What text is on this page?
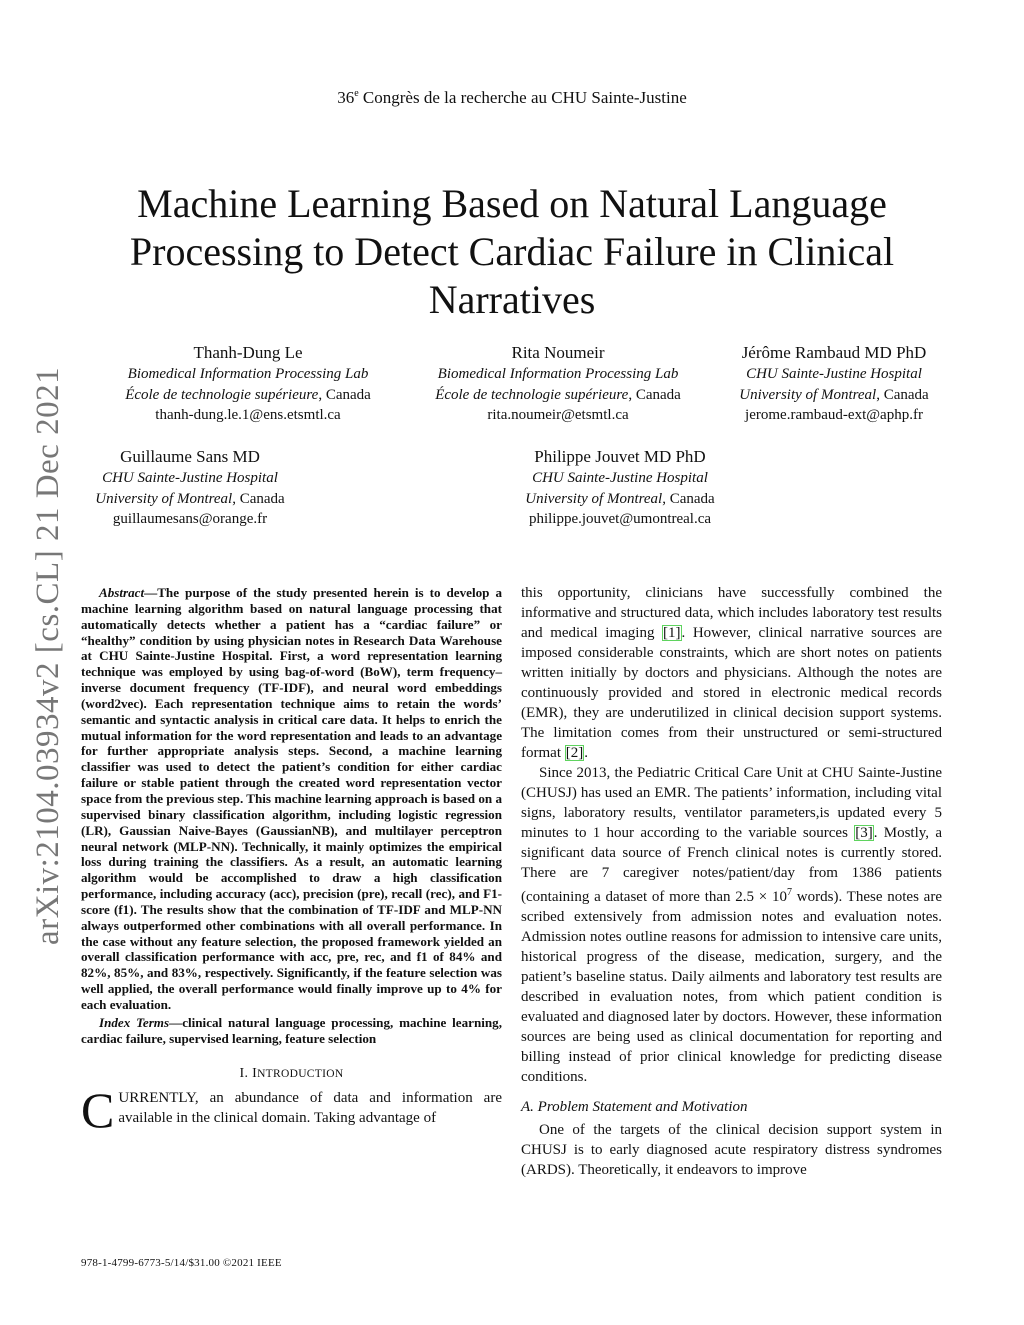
36e Congrès de la recherche au CHU Sainte-Justine
Machine Learning Based on Natural Language Processing to Detect Cardiac Failure in Clinical Narratives
Thanh-Dung Le
Biomedical Information Processing Lab
École de technologie supérieure, Canada
thanh-dung.le.1@ens.etsmtl.ca
Rita Noumeir
Biomedical Information Processing Lab
École de technologie supérieure, Canada
rita.noumeir@etsmtl.ca
Jérôme Rambaud MD PhD
CHU Sainte-Justine Hospital
University of Montreal, Canada
jerome.rambaud-ext@aphp.fr
Guillaume Sans MD
CHU Sainte-Justine Hospital
University of Montreal, Canada
guillaumesans@orange.fr
Philippe Jouvet MD PhD
CHU Sainte-Justine Hospital
University of Montreal, Canada
philippe.jouvet@umontreal.ca
arXiv:2104.03934v2 [cs.CL] 21 Dec 2021	Abstract—The purpose of the study presented herein is to develop a machine learning algorithm based on natural language processing that automatically detects whether a patient has a “cardiac failure” or “healthy” condition by using physician notes in Research Data Warehouse at CHU Sainte-Justine Hospital. First, a word representation learning technique was employed by using bag-of-word (BoW), term frequency–inverse document frequency (TF-IDF), and neural word embeddings (word2vec). Each representation technique aims to retain the words’ semantic and syntactic analysis in critical care data. It helps to enrich the mutual information for the word representation and leads to an advantage for further appropriate analysis steps. Second, a machine learning classifier was used to detect the patient’s condition for either cardiac failure or stable patient through the created word representation vector space from the previous step. This machine learning approach is based on a supervised binary classification algorithm, including logistic regression (LR), Gaussian Naive-Bayes (GaussianNB), and multilayer perceptron neural network (MLP-NN). Technically, it mainly optimizes the empirical loss during training the classifiers. As a result, an automatic learning algorithm would be accomplished to draw a high classification performance, including accuracy (acc), precision (pre), recall (rec), and F1-score (f1). The results show that the combination of TF-IDF and MLP-NN always outperformed other combinations with all overall performance. In the case without any feature selection, the proposed framework yielded an overall classification performance with acc, pre, rec, and f1 of 84% and 82%, 85%, and 83%, respectively. Significantly, if the feature selection was well applied, the overall performance would finally improve up to 4% for each evaluation.

Index Terms—clinical natural language processing, machine learning, cardiac failure, supervised learning, feature selection

I. INTRODUCTION

CURRENTLY, an abundance of data and information are available in the clinical domain. Taking advantage of

this opportunity, clinicians have successfully combined the informative and structured data, which includes laboratory test results and medical imaging [1]. However, clinical narrative sources are imposed considerable constraints, which are short notes on patients written initially by doctors and physicians. Although the notes are continuously provided and stored in electronic medical records (EMR), they are underutilized in clinical decision support systems. The limitation comes from their unstructured or semi-structured format [2].

Since 2013, the Pediatric Critical Care Unit at CHU Sainte-Justine (CHUSJ) has used an EMR. The patients’ information, including vital signs, laboratory results, ventilator parameters,is updated every 5 minutes to 1 hour according to the variable sources [3]. Mostly, a significant data source of French clinical notes is currently stored. There are 7 caregiver notes/patient/day from 1386 patients (containing a dataset of more than $2.5 \times 10^7$ words). These notes are scribed extensively from admission notes and evaluation notes. Admission notes outline reasons for admission to intensive care units, historical progress of the disease, medication, surgery, and the patient’s baseline status. Daily ailments and laboratory test results are described in evaluation notes, from which patient condition is evaluated and diagnosed later by doctors. However, these information sources are being used as clinical documentation for reporting and billing instead of prior clinical knowledge for predicting disease conditions.

A. Problem Statement and Motivation

One of the targets of the clinical decision support system in CHUSJ is to early diagnosed acute respiratory distress syndromes (ARDS). Theoretically, it endeavors to improve

978-1-4799-6773-5/14/$31.00 ©2021 IEEE
